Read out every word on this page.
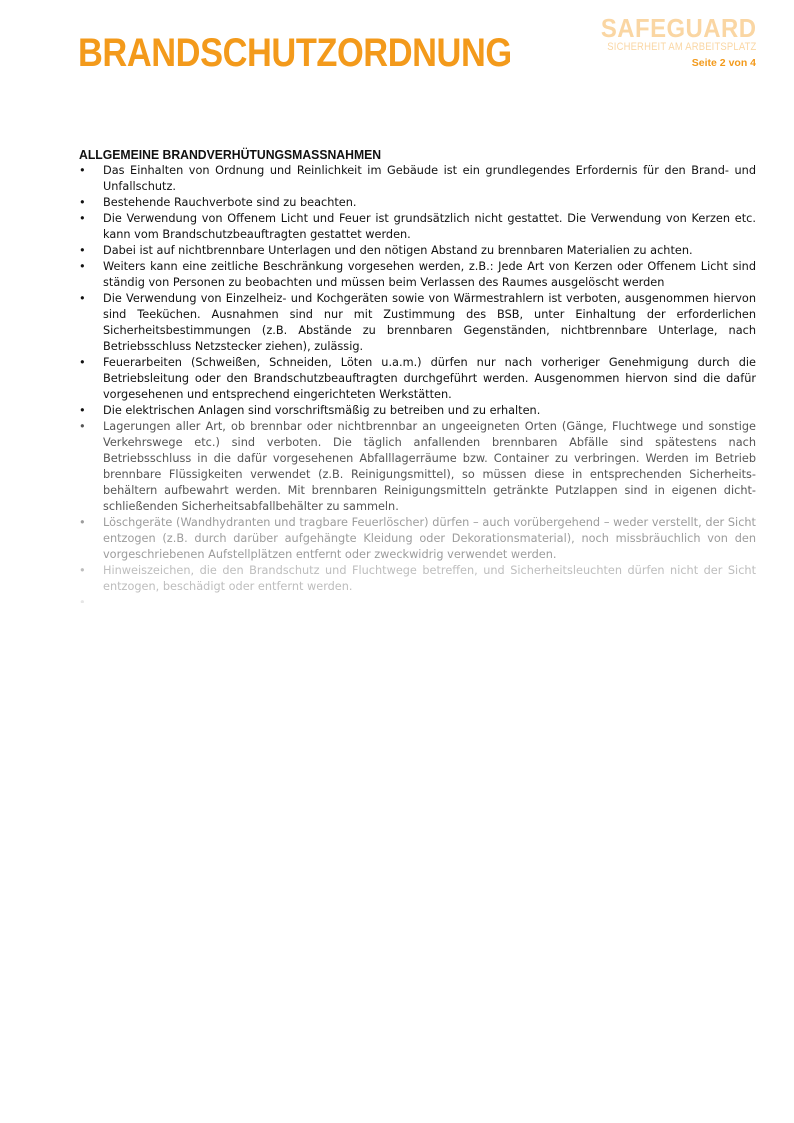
BRANDSCHUTZORDNUNG
SAFEGUARD
SICHERHEIT AM ARBEITSPLATZ
Seite 2 von 4
ALLGEMEINE BRANDVERHÜTUNGSMASSNAHMEN
• Das Einhalten von Ordnung und Reinlichkeit im Gebäude ist ein grundlegendes Erfordernis für den Brand- und Unfallschutz.
• Bestehende Rauchverbote sind zu beachten.
• Die Verwendung von Offenem Licht und Feuer ist grundsätzlich nicht gestattet. Die Verwendung von Kerzen etc. kann vom Brandschutzbeauftragten gestattet werden.
• Dabei ist auf nichtbrennbare Unterlagen und den nötigen Abstand zu brennbaren Materialien zu achten.
• Weiters kann eine zeitliche Beschränkung vorgesehen werden, z.B.: Jede Art von Kerzen oder Offenem Licht sind ständig von Personen zu beobachten und müssen beim Verlassen des Raumes ausgelöscht werden
• Die Verwendung von Einzelheiz- und Kochgeräten sowie von Wärmestrahlern ist verboten, ausgenommen hiervon sind Teeküchen. Ausnahmen sind nur mit Zustimmung des BSB, unter Einhaltung der erforderlichen Sicherheitsbestimmungen (z.B. Abstände zu brennbaren Gegenständen, nichtbrennbare Unterlage, nach Betriebsschluss Netzstecker ziehen), zulässig.
• Feuerarbeiten (Schweißen, Schneiden, Löten u.a.m.) dürfen nur nach vorheriger Genehmigung durch die Betriebsleitung oder den Brandschutzbeauftragten durchgeführt werden. Ausgenommen hiervon sind die dafür vorgesehenen und entsprechend eingerichteten Werkstätten.
• Die elektrischen Anlagen sind vorschriftsmäßig zu betreiben und zu erhalten.
• Lagerungen aller Art, ob brennbar oder nichtbrennbar an ungeeigneten Orten (Gänge, Fluchtwege und sonstige Verkehrswege etc.) sind verboten. Die täglich anfallenden brennbaren Abfälle sind spätestens nach Betriebsschluss in die dafür vorgesehenen Abfalllagerräume bzw. Container zu verbringen. Werden im Betrieb brennbare Flüssigkeiten verwendet (z.B. Reinigungsmittel), so müssen diese in entsprechenden Sicherheits-behältern aufbewahrt werden. Mit brennbaren Reinigungsmitteln getränkte Putzlappen sind in eigenen dicht-schließenden Sicherheitsabfallbehälter zu sammeln.
• Löschgeräte (Wandhydranten und tragbare Feuerlöscher) dürfen – auch vorübergehend – weder verstellt, der Sicht entzogen (z.B. durch darüber aufgehängte Kleidung oder Dekorationsmaterial), noch missbräuchlich von den vorgeschriebenen Aufstellplätzen entfernt oder zweckwidrig verwendet werden.
• Hinweiszeichen, die den Brandschutz und Fluchtwege betreffen, und Sicherheitsleuchten dürfen nicht der Sicht entzogen, beschädigt oder entfernt werden.
•
